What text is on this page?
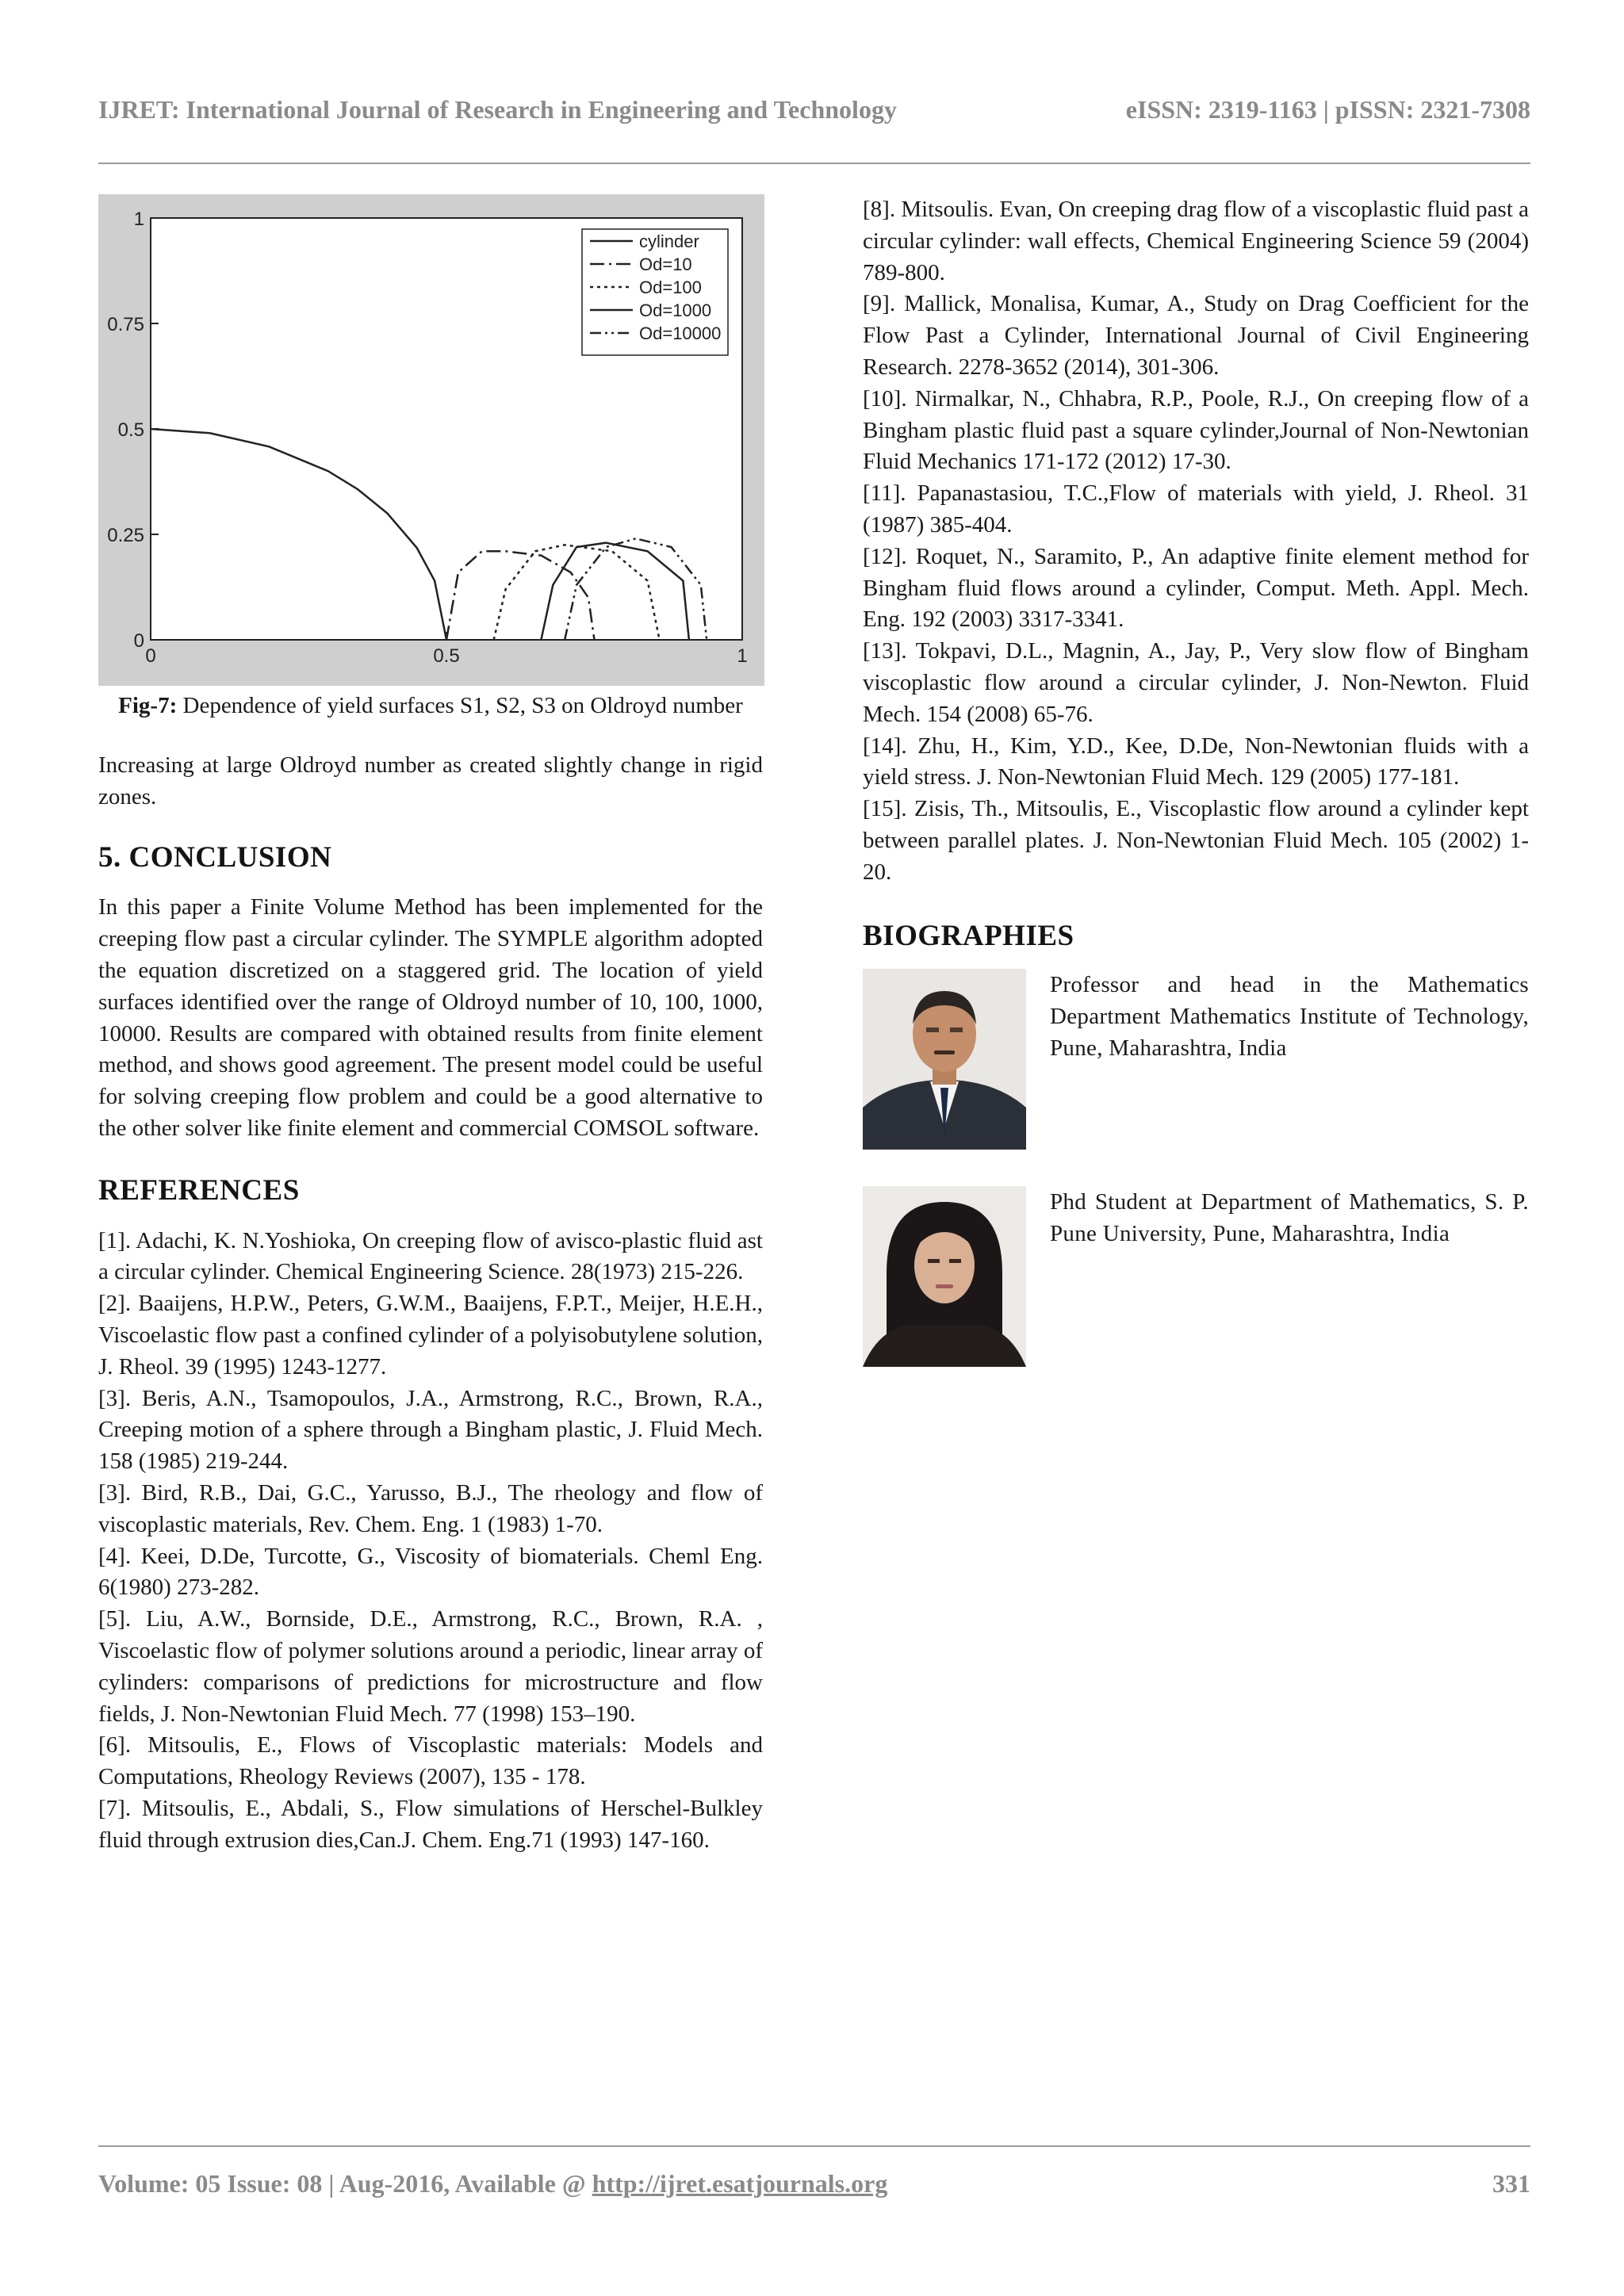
IJRET: International Journal of Research in Engineering and Technology	eISSN: 2319-1163 | pISSN: 2321-7308
0
0.25
0.5
0.75
1
0	0.5	1
cylinder
Od=10
Od=100
Od=1000
Od=10000
Fig-7: Dependence of yield surfaces S1, S2, S3 on Oldroyd number

Increasing at large Oldroyd number as created slightly change in rigid zones.

5. CONCLUSION

In this paper a Finite Volume Method has been implemented for the creeping flow past a circular cylinder. The SYMPLE algorithm adopted the equation discretized on a staggered grid. The location of yield surfaces identified over the range of Oldroyd number of 10, 100, 1000, 10000. Results are compared with obtained results from finite element method, and shows good agreement. The present model could be useful for solving creeping flow problem and could be a good alternative to the other solver like finite element and commercial COMSOL software.

REFERENCES

[1]. Adachi, K. N.Yoshioka, On creeping flow of avisco-plastic fluid ast a circular cylinder. Chemical Engineering Science. 28(1973) 215-226.

[2]. Baaijens, H.P.W., Peters, G.W.M., Baaijens, F.P.T., Meijer, H.E.H., Viscoelastic flow past a confined cylinder of a polyisobutylene solution, J. Rheol. 39 (1995) 1243-1277.

[3]. Beris, A.N., Tsamopoulos, J.A., Armstrong, R.C., Brown, R.A., Creeping motion of a sphere through a Bingham plastic, J. Fluid Mech. 158 (1985) 219-244.

[3]. Bird, R.B., Dai, G.C., Yarusso, B.J., The rheology and flow of viscoplastic materials, Rev. Chem. Eng. 1 (1983) 1-70.

[4]. Keei, D.De, Turcotte, G., Viscosity of biomaterials. Cheml Eng. 6(1980) 273-282.

[5]. Liu, A.W., Bornside, D.E., Armstrong, R.C., Brown, R.A. , Viscoelastic flow of polymer solutions around a periodic, linear array of cylinders: comparisons of predictions for microstructure and flow fields, J. Non-Newtonian Fluid Mech. 77 (1998) 153–190.

[6]. Mitsoulis, E., Flows of Viscoplastic materials: Models and Computations, Rheology Reviews (2007), 135 - 178.

[7]. Mitsoulis, E., Abdali, S., Flow simulations of Herschel-Bulkley fluid through extrusion dies,Can.J. Chem. Eng.71 (1993) 147-160.

[8]. Mitsoulis. Evan, On creeping drag flow of a viscoplastic fluid past a circular cylinder: wall effects, Chemical Engineering Science 59 (2004) 789-800.

[9]. Mallick, Monalisa, Kumar, A., Study on Drag Coefficient for the Flow Past a Cylinder, International Journal of Civil Engineering Research. 2278-3652 (2014), 301-306.

[10]. Nirmalkar, N., Chhabra, R.P., Poole, R.J., On creeping flow of a Bingham plastic fluid past a square cylinder,Journal of Non-Newtonian Fluid Mechanics 171-172 (2012) 17-30.

[11]. Papanastasiou, T.C.,Flow of materials with yield, J. Rheol. 31 (1987) 385-404.

[12]. Roquet, N., Saramito, P., An adaptive finite element method for Bingham fluid flows around a cylinder, Comput. Meth. Appl. Mech. Eng. 192 (2003) 3317-3341.

[13]. Tokpavi, D.L., Magnin, A., Jay, P., Very slow flow of Bingham viscoplastic flow around a circular cylinder, J. Non-Newton. Fluid Mech. 154 (2008) 65-76.

[14]. Zhu, H., Kim, Y.D., Kee, D.De, Non-Newtonian fluids with a yield stress. J. Non-Newtonian Fluid Mech. 129 (2005) 177-181.

[15]. Zisis, Th., Mitsoulis, E., Viscoplastic flow around a cylinder kept between parallel plates. J. Non-Newtonian Fluid Mech. 105 (2002) 1-20.

BIOGRAPHIES
Professor and head in the Mathematics Department Mathematics Institute of Technology, Pune, Maharashtra, India
Phd Student at Department of Mathematics, S. P. Pune University, Pune, Maharashtra, India
Volume: 05 Issue: 08 | Aug-2016, Available @ http://ijret.esatjournals.org	331
